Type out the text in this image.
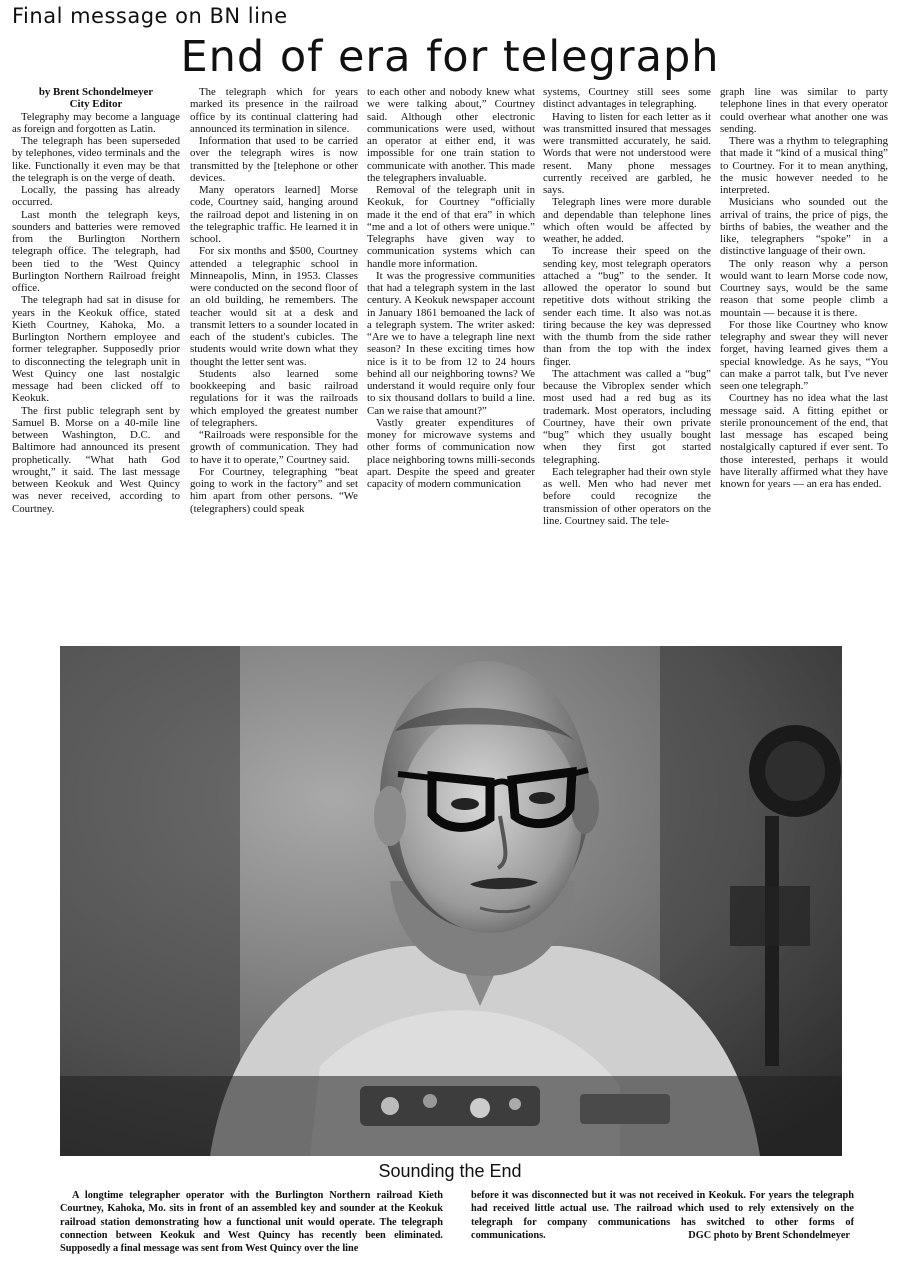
Final message on BN line
End of era for telegraph

by Brent Schondelmeyer

City Editor

Telegraphy may become a language as foreign and forgotten as Latin.

The telegraph has been superseded by telephones, video terminals and the like. Functionally it even may be that the telegraph is on the verge of death.

Locally, the passing has already occurred.

Last month the telegraph keys, sounders and batteries were removed from the Burlington Northern telegraph office. The telegraph, had been tied to the 'West Quincy Burlington Northern Railroad freight office.

The telegraph had sat in disuse for years in the Keokuk office, stated Kieth Courtney, Kahoka, Mo. a Burlington Northern employee and former telegrapher. Supposedly prior to disconnecting the telegraph unit in West Quincy one last nostalgic message had been clicked off to Keokuk.

The first public telegraph sent by Samuel B. Morse on a 40-mile line between Washington, D.C. and Baltimore had announced its present prophetically. “What hath God wrought,” it said. The last message between Keokuk and West Quincy was never received, according to Courtney.

The telegraph which for years marked its presence in the railroad office by its continual clattering had announced its termination in silence.

Information that used to be carried over the telegraph wires is now transmitted by the [telephone or other devices.

Many operators learned] Morse code, Courtney said, hanging around the railroad depot and listening in on the telegraphic traffic. He learned it in school.

For six months and $500, Courtney attended a telegraphic school in Minneapolis, Minn, in 1953. Classes were conducted on the second floor of an old building, he remembers. The teacher would sit at a desk and transmit letters to a sounder located in each of the student's cubicles. The students would write down what they thought the letter sent was.

Students also learned some bookkeeping and basic railroad regulations for it was the railroads which employed the greatest number of telegraphers.

“Railroads were responsible for the growth of communication. They had to have it to operate,” Courtney said.

For Courtney, telegraphing “beat going to work in the factory” and set him apart from other persons. “We (telegraphers) could speak

to each other and nobody knew what we were talking about,” Courtney said. Although other electronic communications were used, without an operator at either end, it was impossible for one train station to communicate with another. This made the telegraphers invaluable.

Removal of the telegraph unit in Keokuk, for Courtney “officially made it the end of that era” in which “me and a lot of others were unique.” Telegraphs have given way to communication systems which can handle more information.

It was the progressive communities that had a telegraph system in the last century. A Keokuk newspaper account in January 1861 bemoaned the lack of a telegraph system. The writer asked: “Are we to have a telegraph line next season? In these exciting times how nice is it to be from 12 to 24 hours behind all our neighboring towns? We understand it would require only four to six thousand dollars to build a line. Can we raise that amount?”

Vastly greater expenditures of money for microwave systems and other forms of communication now place neighboring towns milli-seconds apart. Despite the speed and greater capacity of modern communication

systems, Courtney still sees some distinct advantages in telegraphing.

Having to listen for each letter as it was transmitted insured that messages were transmitted accurately, he said. Words that were not understood were resent. Many phone messages currently received are garbled, he says.

Telegraph lines were more durable and dependable than telephone lines which often would be affected by weather, he added.

To increase their speed on the sending key, most telegraph operators attached a “bug” to the sender. It allowed the operator lo sound but repetitive dots without striking the sender each time. It also was not.as tiring because the key was depressed with the thumb from the side rather than from the top with the index finger.

The attachment was called a “bug” because the Vibroplex sender which most used had a red bug as its trademark. Most operators, including Courtney, have their own private “bug” which they usually bought when they first got started telegraphing.

Each telegrapher had their own style as well. Men who had never met before could recognize the transmission of other operators on the line. Courtney said. The tele-

graph line was similar to party telephone lines in that every operator could overhear what another one was sending.

There was a rhythm to telegraphing that made it “kind of a musical thing” to Courtney. For it to mean anything, the music however needed to he interpreted.

Musicians who sounded out the arrival of trains, the price of pigs, the births of babies, the weather and the like, telegraphers “spoke” in a distinctive language of their own.

The only reason why a person would want to learn Morse code now, Courtney says, would be the same reason that some people climb a mountain — because it is there.

For those like Courtney who know telegraphy and swear they will never forget, having learned gives them a special knowledge. As he says, “You can make a parrot talk, but I've never seen one telegraph.”

Courtney has no idea what the last message said. A fitting epithet or sterile pronouncement of the end, that last message has escaped being nostalgically captured if ever sent. To those interested, perhaps it would have literally affirmed what they have known for years — an era has ended.

Sounding the End

A longtime telegrapher operator with the Burlington Northern railroad Kieth Courtney, Kahoka, Mo. sits in front of an assembled key and sounder at the Keokuk railroad station demonstrating how a functional unit would operate. The telegraph connection between Keokuk and West Quincy has recently been eliminated. Supposedly a final message was sent from West Quincy over the line

before it was disconnected but it was not received in Keokuk. For years the telegraph had received little actual use. The railroad which used to rely extensively on the telegraph for company communications has switched to other forms of communications.	DGC photo by Brent Schondelmeyer
